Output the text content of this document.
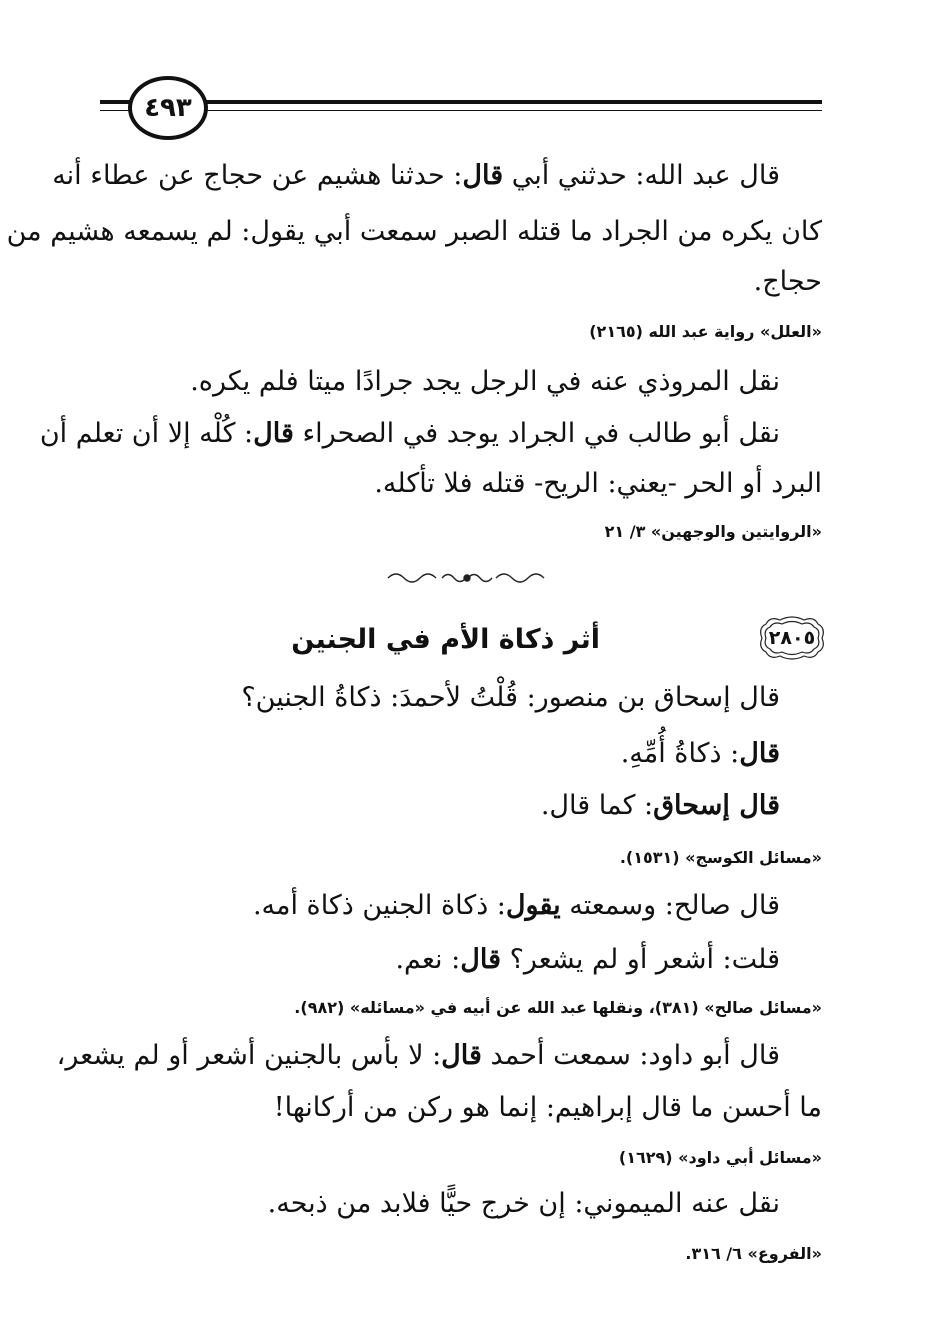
٤٩٣
قال عبد الله: حدثني أبي قال: حدثنا هشيم عن حجاج عن عطاء أنه
كان يكره من الجراد ما قتله الصبر سمعت أبي يقول: لم يسمعه هشيم من
حجاج.
«العلل» رواية عبد الله (٢١٦٥)
نقل المروذي عنه في الرجل يجد جرادًا ميتا فلم يكره.
نقل أبو طالب في الجراد يوجد في الصحراء قال: كُلْه إلا أن تعلم أن
البرد أو الحر -يعني: الريح- قتله فلا تأكله.
«الروايتين والوجهين» ٣/ ٢١
٢٨٠٥
أثر ذكاة الأم في الجنين
قال إسحاق بن منصور: قُلْتُ لأحمدَ: ذكاةُ الجنين؟
قال: ذكاةُ أُمِّهِ.
قال إسحاق: كما قال.
«مسائل الكوسج» (١٥٣١).
قال صالح: وسمعته يقول: ذكاة الجنين ذكاة أمه.
قلت: أشعر أو لم يشعر؟ قال: نعم.
«مسائل صالح» (٣٨١)، ونقلها عبد الله عن أبيه في «مسائله» (٩٨٢).
قال أبو داود: سمعت أحمد قال: لا بأس بالجنين أشعر أو لم يشعر،
ما أحسن ما قال إبراهيم: إنما هو ركن من أركانها!
«مسائل أبي داود» (١٦٢٩)
نقل عنه الميموني: إن خرج حيًّا فلابد من ذبحه.
«الفروع» ٦/ ٣١٦.
